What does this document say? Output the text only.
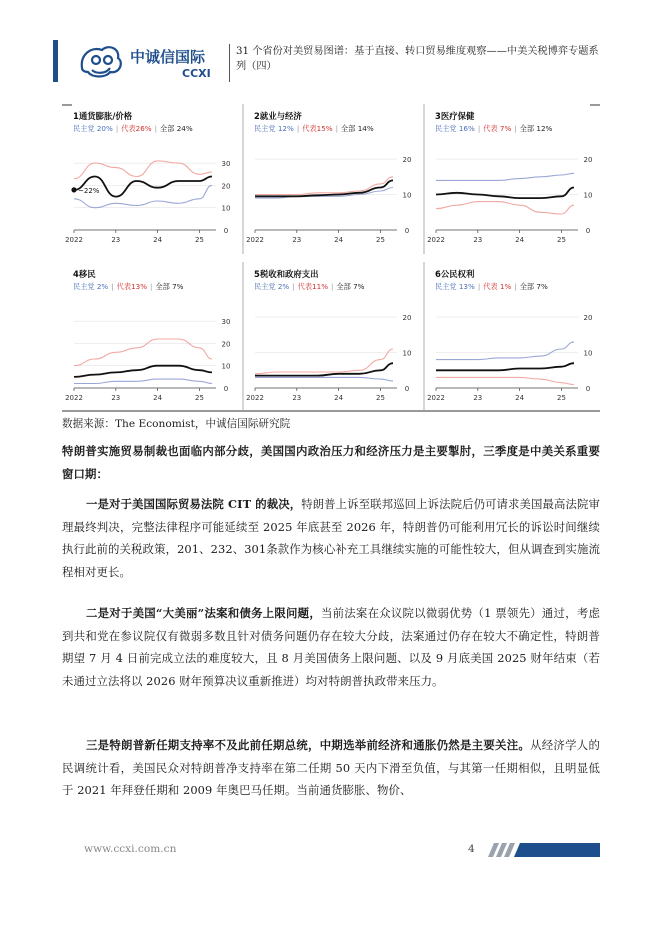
中诚信国际
CCXI
31 个省份对美贸易图谱：基于直接、转口贸易维度观察——中美关税博弈专题系列（四）
1通货膨胀/价格
民主党 20% | 代表26% | 全部 24%
30
20
10
0
2022	23	24	25
~22%
2就业与经济
民主党 12% | 代表15% | 全部 14%
20
10
0
2022	23	24	25
3医疗保健
民主党 16% | 代表 7% | 全部 12%
20
10
0
2022	23	24	25
4移民
民主党 2% | 代表13% | 全部 7%
30
20
10
0
2022	23	24	25
5税收和政府支出
民主党 2% | 代表11% | 全部 7%
20
10
0
2022	23	24	25
6公民权利
民主党 13% | 代表 1% | 全部 7%
20
10
0
2022	23	24	25
数据来源：The Economist，中诚信国际研究院
特朗普实施贸易制裁也面临内部分歧，美国国内政治压力和经济压力是主要掣肘，三季度是中美关系重要窗口期：
一是对于美国国际贸易法院 CIT 的裁决，特朗普上诉至联邦巡回上诉法院后仍可请求美国最高法院审理最终判决，完整法律程序可能延续至 2025 年底甚至 2026 年，特朗普仍可能利用冗长的诉讼时间继续执行此前的关税政策，201、232、301条款作为核心补充工具继续实施的可能性较大，但从调查到实施流程相对更长。
二是对于美国“大美丽”法案和债务上限问题，当前法案在众议院以微弱优势（1 票领先）通过，考虑到共和党在参议院仅有微弱多数且针对债务问题仍存在较大分歧，法案通过仍存在较大不确定性，特朗普期望 7 月 4 日前完成立法的难度较大，且 8 月美国债务上限问题、以及 9 月底美国 2025 财年结束（若未通过立法将以 2026 财年预算决议重新推进）均对特朗普执政带来压力。
三是特朗普新任期支持率不及此前任期总统，中期选举前经济和通胀仍然是主要关注。从经济学人的民调统计看，美国民众对特朗普净支持率在第二任期 50 天内下滑至负值，与其第一任期相似，且明显低于 2021 年拜登任期和 2009 年奥巴马任期。当前通货膨胀、物价、
www.ccxi.com.cn	4
